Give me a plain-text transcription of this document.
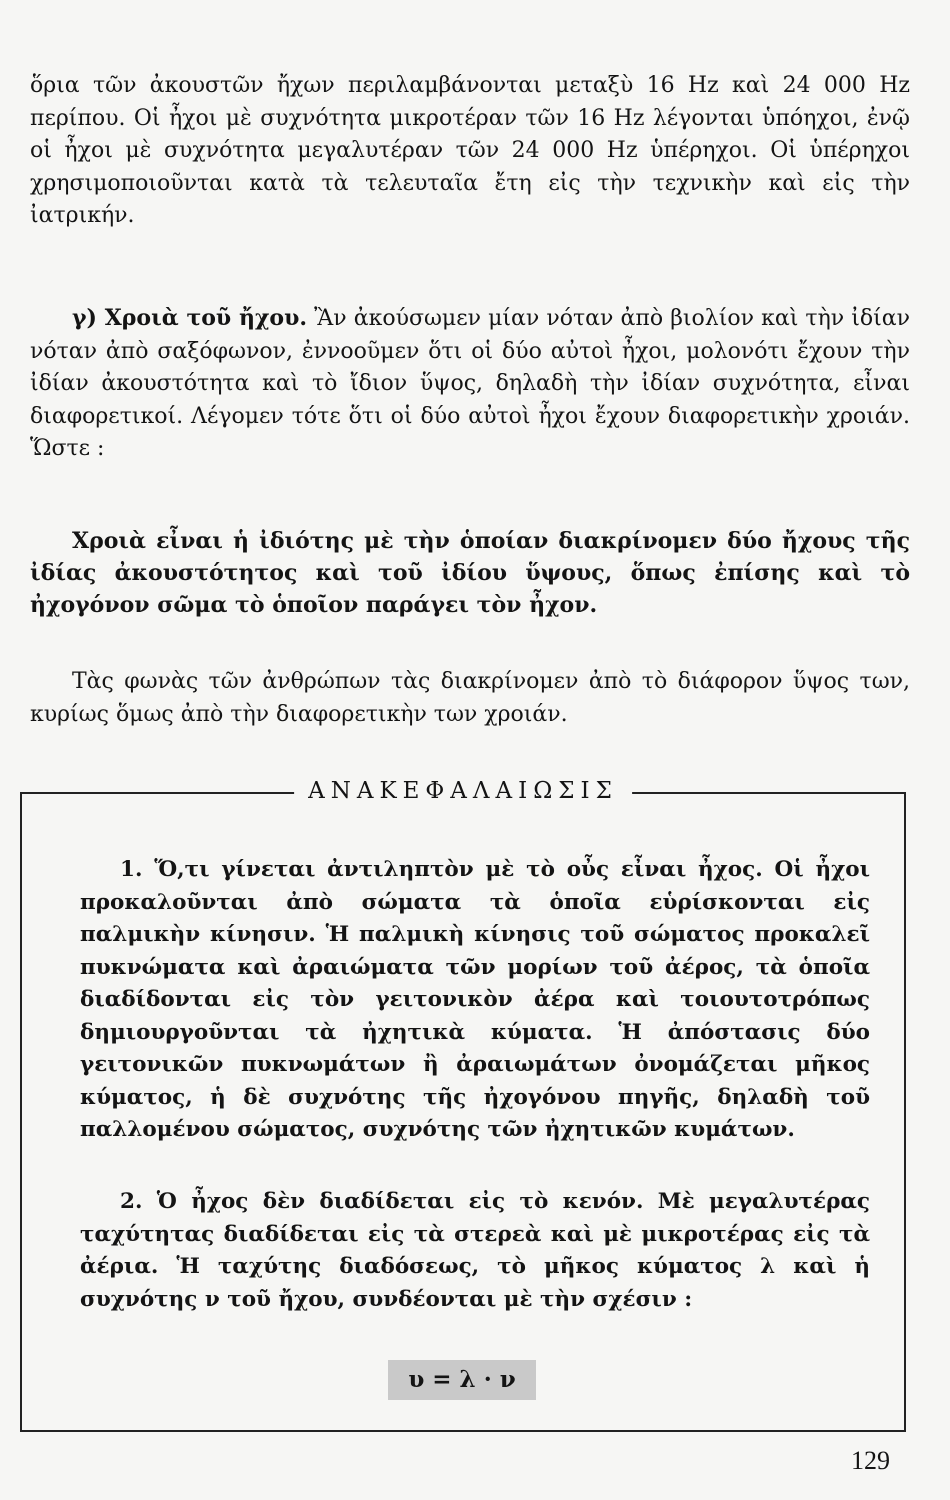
ὅρια τῶν ἀκουστῶν ἤχων περιλαμβάνονται μεταξὺ 16 Hz καὶ 24 000 Hz περίπου. Οἱ ἦχοι μὲ συχνότητα μικροτέραν τῶν 16 Hz λέγονται ὑπόηχοι, ἐνῷ οἱ ἦχοι μὲ συχνότητα μεγαλυτέραν τῶν 24 000 Hz ὑπέρηχοι. Οἱ ὑπέρηχοι χρησιμοποιοῦνται κατὰ τὰ τελευταῖα ἔτη εἰς τὴν τεχνικὴν καὶ εἰς τὴν ἰατρικήν.
γ) Χροιὰ τοῦ ἤχου. Ἂν ἀκούσωμεν μίαν νόταν ἀπὸ βιολίον καὶ τὴν ἰδίαν νόταν ἀπὸ σαξόφωνον, ἐννοοῦμεν ὅτι οἱ δύο αὐτοὶ ἦχοι, μολονότι ἔχουν τὴν ἰδίαν ἀκουστότητα καὶ τὸ ἴδιον ὕψος, δηλαδὴ τὴν ἰδίαν συχνότητα, εἶναι διαφορετικοί. Λέγομεν τότε ὅτι οἱ δύο αὐτοὶ ἦχοι ἔχουν διαφορετικὴν χροιάν. Ὥστε :
Χροιὰ εἶναι ἡ ἰδιότης μὲ τὴν ὁποίαν διακρίνομεν δύο ἤχους τῆς ἰδίας ἀκουστότητος καὶ τοῦ ἰδίου ὕψους, ὅπως ἐπίσης καὶ τὸ ἠχογόνον σῶμα τὸ ὁποῖον παράγει τὸν ἦχον.
Τὰς φωνὰς τῶν ἀνθρώπων τὰς διακρίνομεν ἀπὸ τὸ διάφορον ὕψος των, κυρίως ὅμως ἀπὸ τὴν διαφορετικὴν των χροιάν.
ΑΝΑΚΕΦΑΛΑΙΩΣΙΣ
1. Ὅ,τι γίνεται ἀντιληπτὸν μὲ τὸ οὖς εἶναι ἦχος. Οἱ ἦχοι προκαλοῦνται ἀπὸ σώματα τὰ ὁποῖα εὑρίσκονται εἰς παλμικὴν κίνησιν. Ἡ παλμικὴ κίνησις τοῦ σώματος προκαλεῖ πυκνώματα καὶ ἀραιώματα τῶν μορίων τοῦ ἀέρος, τὰ ὁποῖα διαδίδονται εἰς τὸν γειτονικὸν ἀέρα καὶ τοιουτοτρόπως δημιουργοῦνται τὰ ἠχητικὰ κύματα. Ἡ ἀπόστασις δύο γειτονικῶν πυκνωμάτων ἢ ἀραιωμάτων ὀνομάζεται μῆκος κύματος, ἡ δὲ συχνότης τῆς ἠχογόνου πηγῆς, δηλαδὴ τοῦ παλλομένου σώματος, συχνότης τῶν ἠχητικῶν κυμάτων.
2. Ὁ ἦχος δὲν διαδίδεται εἰς τὸ κενόν. Μὲ μεγαλυτέρας ταχύτητας διαδίδεται εἰς τὰ στερεὰ καὶ μὲ μικροτέρας εἰς τὰ ἀέρια. Ἡ ταχύτης διαδόσεως, τὸ μῆκος κύματος λ καὶ ἡ συχνότης ν τοῦ ἤχου, συνδέονται μὲ τὴν σχέσιν :
υ = λ · ν
129
